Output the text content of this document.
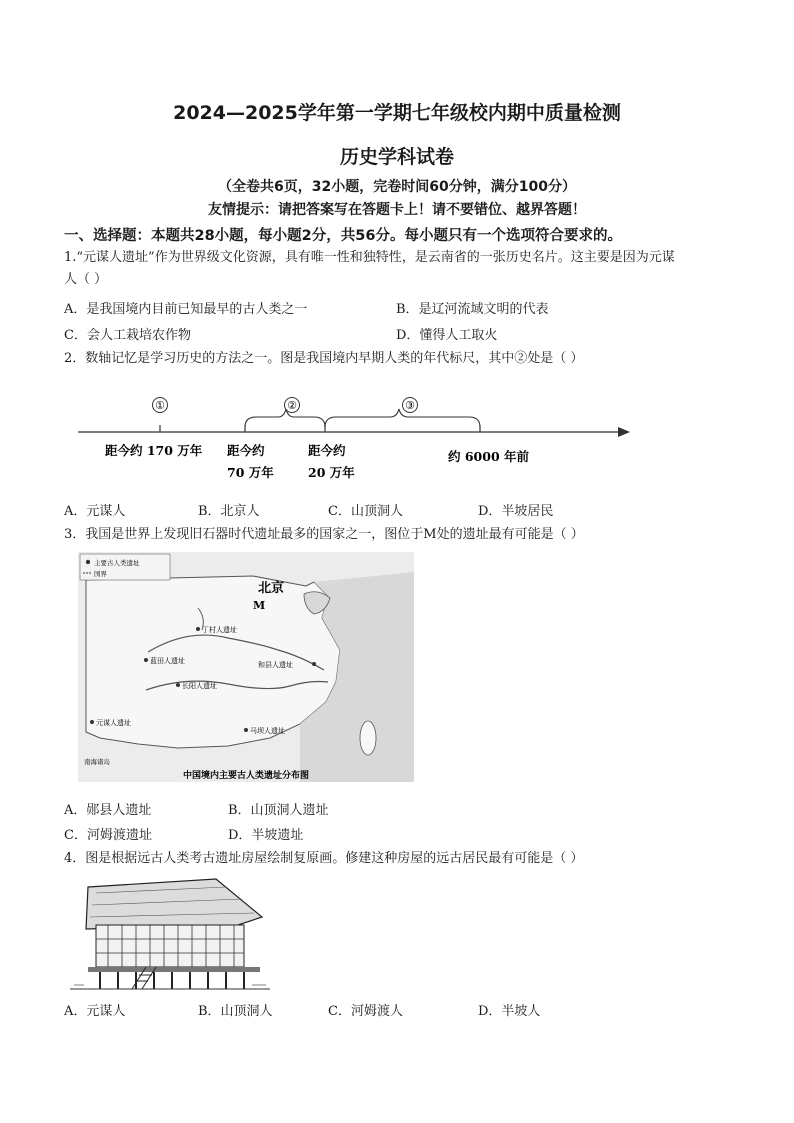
2024—2025学年第一学期七年级校内期中质量检测
历史学科试卷
（全卷共6页，32小题，完卷时间60分钟，满分100分）
友情提示：请把答案写在答题卡上！请不要错位、越界答题！
一、选择题：本题共28小题，每小题2分，共56分。每小题只有一个选项符合要求的。
1.“元谋人遗址”作为世界级文化资源，具有唯一性和独特性，是云南省的一张历史名片。这主要是因为元谋
人（ ）
A．是我国境内目前已知最早的古人类之一	B．是辽河流域文明的代表
C．会人工栽培农作物	D．懂得人工取火
2．数轴记忆是学习历史的方法之一。图是我国境内早期人类的年代标尺，其中②处是（ ）
①	②	③
距今约 170 万年 距今约
70 万年
距今约
20 万年
约 6000 年前
A．元谋人	B．北京人	C．山顶洞人	D．半坡居民
3．我国是世界上发现旧石器时代遗址最多的国家之一，图位于M处的遗址最有可能是（ ）
主要古人类遗址
国界
北京
M
丁村人遗址
蓝田人遗址	和县人遗址
长阳人遗址
元谋人遗址
马坝人遗址
南海诸岛
中国境内主要古人类遗址分布图
A．郧县人遗址	B．山顶洞人遗址
C．河姆渡遗址	D．半坡遗址
4．图是根据远古人类考古遗址房屋绘制复原画。修建这种房屋的远古居民最有可能是（ ）
A．元谋人	B．山顶洞人	C．河姆渡人	D．半坡人
